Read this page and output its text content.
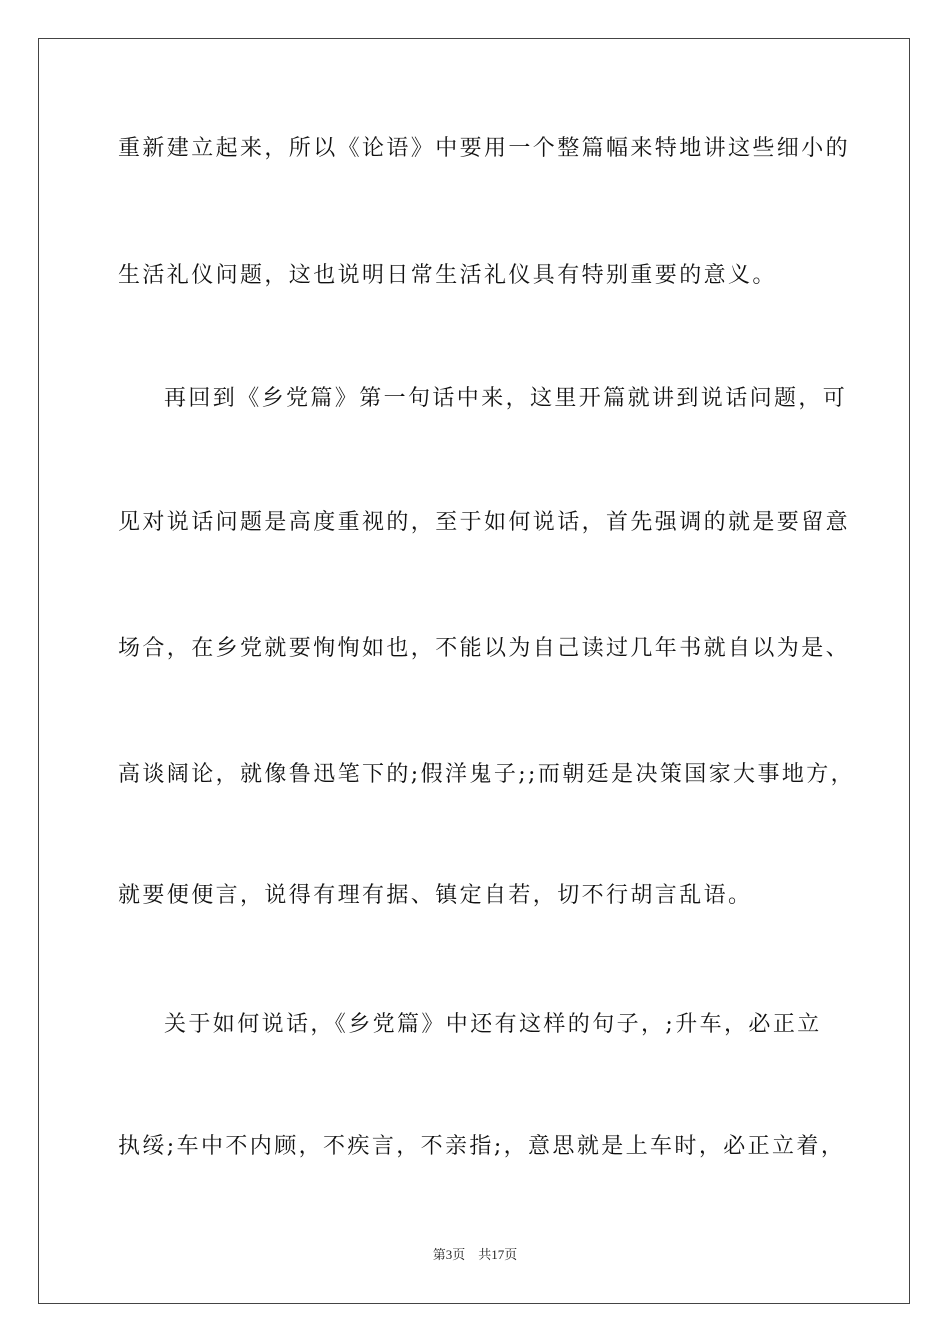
重新建立起来，所以《论语》中要用一个整篇幅来特地讲这些细小的
生活礼仪问题，这也说明日常生活礼仪具有特别重要的意义。
再回到《乡党篇》第一句话中来，这里开篇就讲到说话问题，可
见对说话问题是高度重视的，至于如何说话，首先强调的就是要留意
场合，在乡党就要恂恂如也，不能以为自己读过几年书就自以为是、
高谈阔论，就像鲁迅笔下的;假洋鬼子;;而朝廷是决策国家大事地方，
就要便便言，说得有理有据、镇定自若，切不行胡言乱语。
关于如何说话，《乡党篇》中还有这样的句子，;升车，必正立
执绥;车中不内顾，不疾言，不亲指;，意思就是上车时，必正立着，
第3页 共17页
